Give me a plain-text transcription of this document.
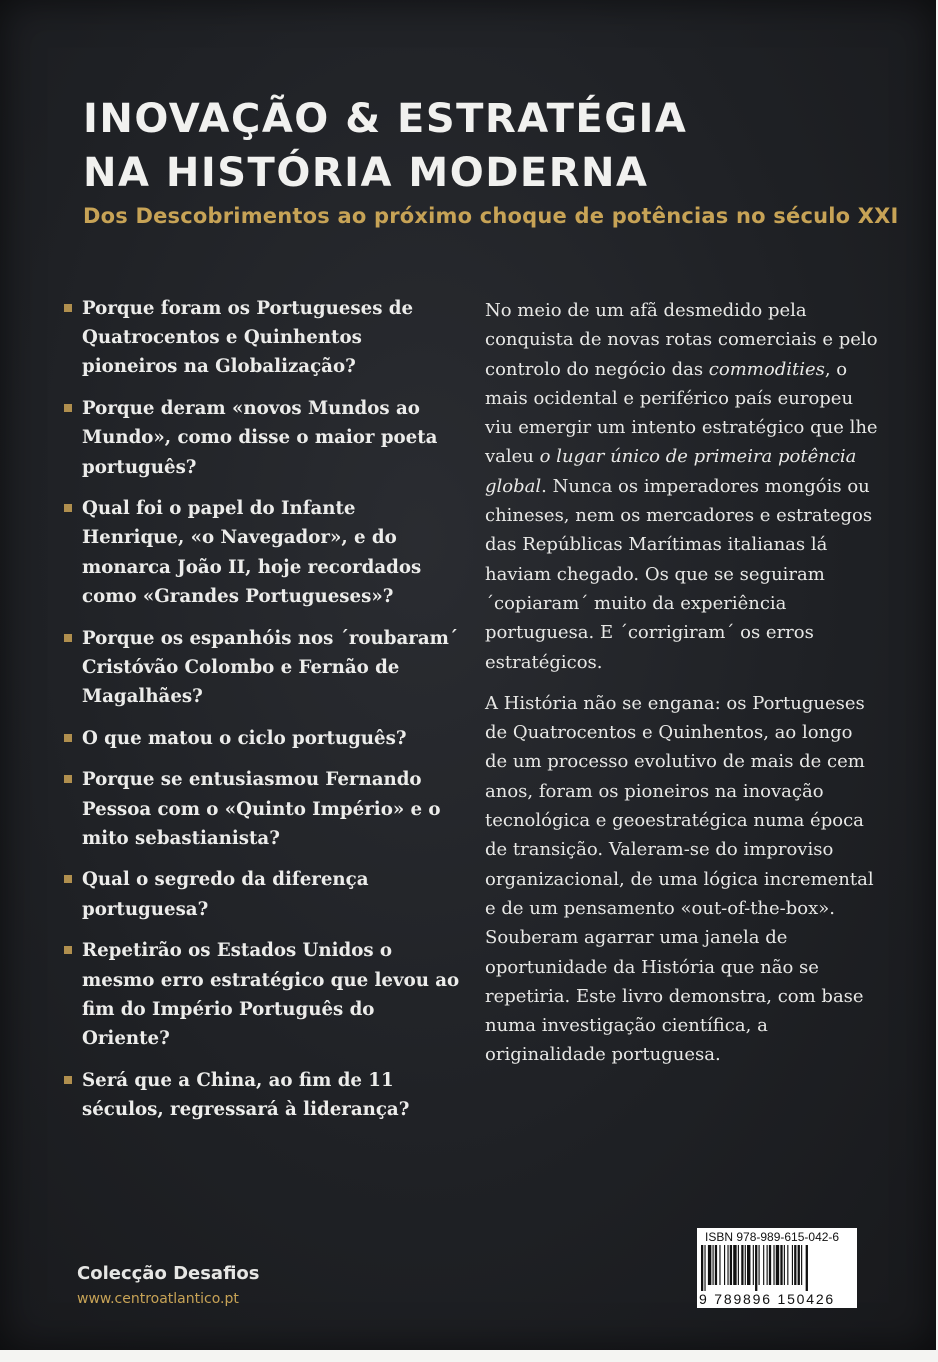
INOVAÇÃO & ESTRATÉGIA
NA HISTÓRIA MODERNA

Dos Descobrimentos ao próximo choque de potências no século XXI

Porque foram os Portugueses de Quatrocentos e Quinhentos pioneiros na Globalização?
Porque deram «novos Mundos ao Mundo», como disse o maior poeta português?
Qual foi o papel do Infante Henrique, «o Navegador», e do monarca João II, hoje recordados como «Grandes Portugueses»?
Porque os espanhóis nos ´roubaram´ Cristóvão Colombo e Fernão de Magalhães?
O que matou o ciclo português?
Porque se entusiasmou Fernando Pessoa com o «Quinto Império» e o mito sebastianista?
Qual o segredo da diferença portuguesa?
Repetirão os Estados Unidos o mesmo erro estratégico que levou ao fim do Império Português do Oriente?
Será que a China, ao fim de 11 séculos, regressará à liderança?

No meio de um afã desmedido pela conquista de novas rotas comerciais e pelo controlo do negócio das commodities, o mais ocidental e periférico país europeu viu emergir um intento estratégico que lhe valeu o lugar único de primeira potência global. Nunca os imperadores mongóis ou chineses, nem os mercadores e estrategos das Repúblicas Marítimas italianas lá haviam chegado. Os que se seguiram ´copiaram´ muito da experiência portuguesa. E ´corrigiram´ os erros estratégicos.

A História não se engana: os Portugueses de Quatrocentos e Quinhentos, ao longo de um processo evolutivo de mais de cem anos, foram os pioneiros na inovação tecnológica e geoestratégica numa época de transição. Valeram-se do improviso organizacional, de uma lógica incremental e de um pensamento «out-of-the-box». Souberam agarrar uma janela de oportunidade da História que não se repetiria. Este livro demonstra, com base numa investigação científica, a originalidade portuguesa.

Colecção Desafios
www.centroatlantico.pt
ISBN 978-989-615-042-6
9 789896 150426
